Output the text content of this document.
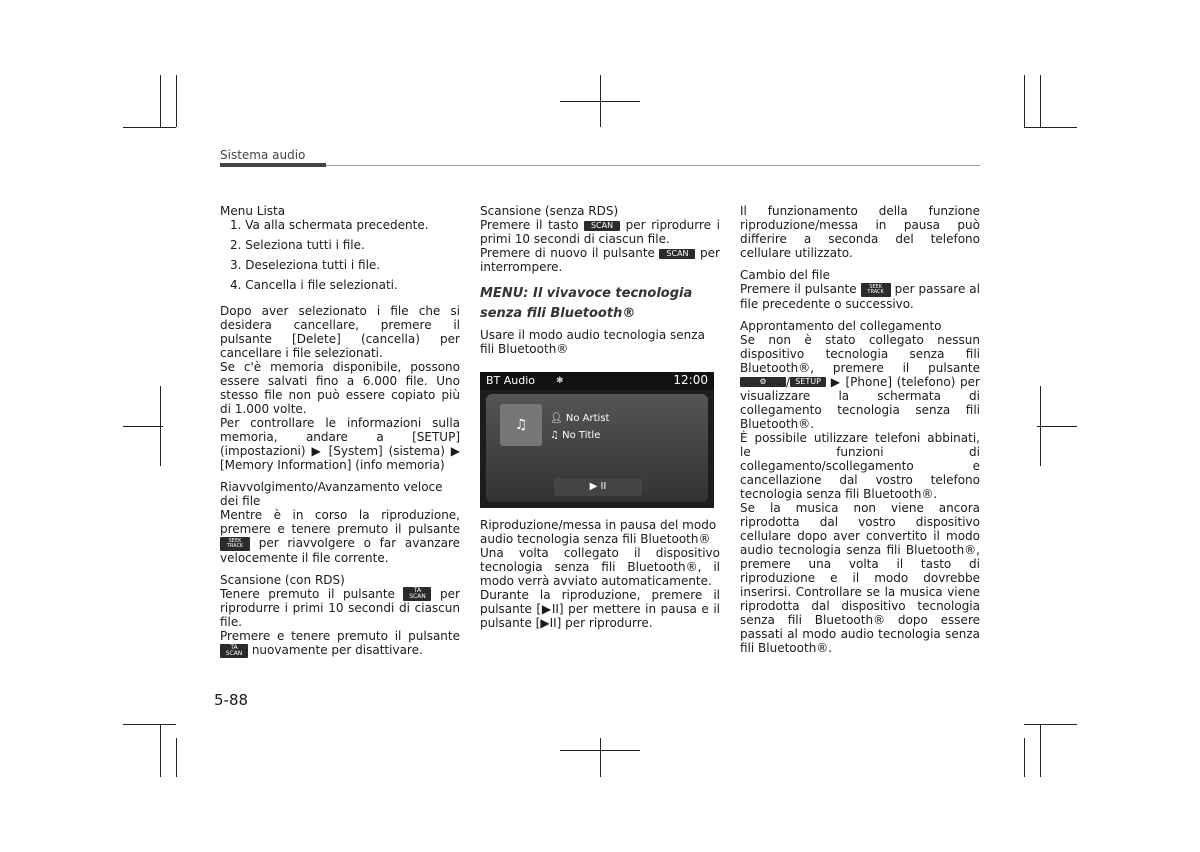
Sistema audio

Menu Lista

1. Va alla schermata precedente.
2. Seleziona tutti i file.
3. Deseleziona tutti i file.
4. Cancella i file selezionati.

Dopo aver selezionato i file che si desidera cancellare, premere il pulsante [Delete] (cancella) per cancellare i file selezionati.

Se c'è memoria disponibile, possono essere salvati fino a 6.000 file. Uno stesso file non può essere copiato più di 1.000 volte.

Per controllare le informazioni sulla memoria, andare a [SETUP] (impostazioni) ▶ [System] (sistema) ▶ [Memory Information] (info memoria)

Riavvolgimento/Avanzamento veloce dei file

Mentre è in corso la riproduzione, premere e tenere premuto il pulsante SEEK
TRACK per riavvolgere o far avanzare velocemente il file corrente.

Scansione (con RDS)

Tenere premuto il pulsante	TA
SCAN per riprodurre i primi 10 secondi di ciascun file.

Premere e tenere premuto il pulsante TA
SCAN nuovamente per disattivare.

Scansione (senza RDS)

Premere il tasto SCAN per riprodurre i primi 10 secondi di ciascun file.

Premere di nuovo il pulsante SCAN per interrompere.

MENU: Il vivavoce tecnologia senza fili Bluetooth®

Usare il modo audio tecnologia senza fili Bluetooth®

BT Audio ✱	12:00
♫	👤︎ No Artist
♫ No Title
▶ II

Riproduzione/messa in pausa del modo audio tecnologia senza fili Bluetooth®

Una volta collegato il dispositivo tecnologia senza fili Bluetooth®, il modo verrà avviato automaticamente.

Durante la riproduzione, premere il pulsante [▶II] per mettere in pausa e il pulsante [▶II] per riprodurre.

Il funzionamento della funzione riproduzione/messa in pausa può differire a seconda del telefono cellulare utilizzato.

Cambio del file

Premere il pulsante	SEEK
TRACK per passare al file precedente o successivo.

Approntamento del collegamento

Se non è stato collegato nessun dispositivo tecnologia senza fili Bluetooth®, premere il pulsante ⚙ / SETUP ▶ [Phone] (telefono) per visualizzare la schermata di collegamento tecnologia senza fili Bluetooth®.

È possibile utilizzare telefoni abbinati, le funzioni di collegamento/scollegamento e cancellazione dal vostro telefono tecnologia senza fili Bluetooth®.

Se la musica non viene ancora riprodotta dal vostro dispositivo cellulare dopo aver convertito il modo audio tecnologia senza fili Bluetooth®, premere una volta il tasto di riproduzione e il modo dovrebbe inserirsi. Controllare se la musica viene riprodotta dal dispositivo tecnologia senza fili Bluetooth® dopo essere passati al modo audio tecnologia senza fili Bluetooth®.

5-88
